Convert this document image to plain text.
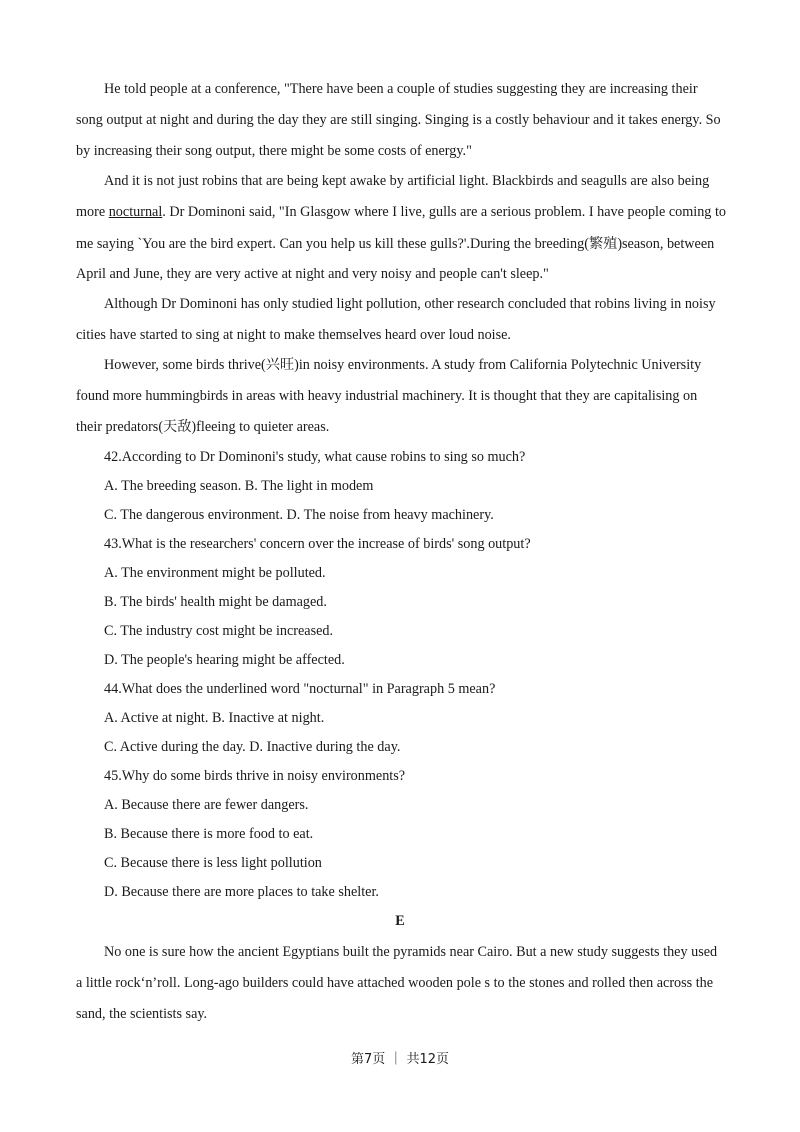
He told people at a conference, "There have been a couple of studies suggesting they are increasing their
song output at night and during the day they are still singing. Singing is a costly behaviour and it takes energy. So
by increasing their song output, there might be some costs of energy."
And it is not just robins that are being kept awake by artificial light. Blackbirds and seagulls are also being
more nocturnal. Dr Dominoni said, "In Glasgow where I live, gulls are a serious problem. I have people coming to
me saying `You are the bird expert. Can you help us kill these gulls?'.During the breeding(繁殖)season, between
April and June, they are very active at night and very noisy and people can't sleep."
Although Dr Dominoni has only studied light pollution, other research concluded that robins living in noisy
cities have started to sing at night to make themselves heard over loud noise.
However, some birds thrive(兴旺)in noisy environments. A study from California Polytechnic University
found more hummingbirds in areas with heavy industrial machinery. It is thought that they are capitalising on
their predators(天敌)fleeing to quieter areas.
42.According to Dr Dominoni's study, what cause robins to sing so much?
A. The breeding season. B. The light in modem
C. The dangerous environment. D. The noise from heavy machinery.
43.What is the researchers' concern over the increase of birds' song output?
A. The environment might be polluted.
B. The birds' health might be damaged.
C. The industry cost might be increased.
D. The people's hearing might be affected.
44.What does the underlined word "nocturnal" in Paragraph 5 mean?
A. Active at night. B. Inactive at night.
C. Active during the day. D. Inactive during the day.
45.Why do some birds thrive in noisy environments?
A. Because there are fewer dangers.
B. Because there is more food to eat.
C. Because there is less light pollution
D. Because there are more places to take shelter.
E
No one is sure how the ancient Egyptians built the pyramids near Cairo. But a new study suggests they used
a little rock‘n’roll. Long-ago builders could have attached wooden pole s to the stones and rolled then across the
sand, the scientists say.
第7页 ｜ 共12页
